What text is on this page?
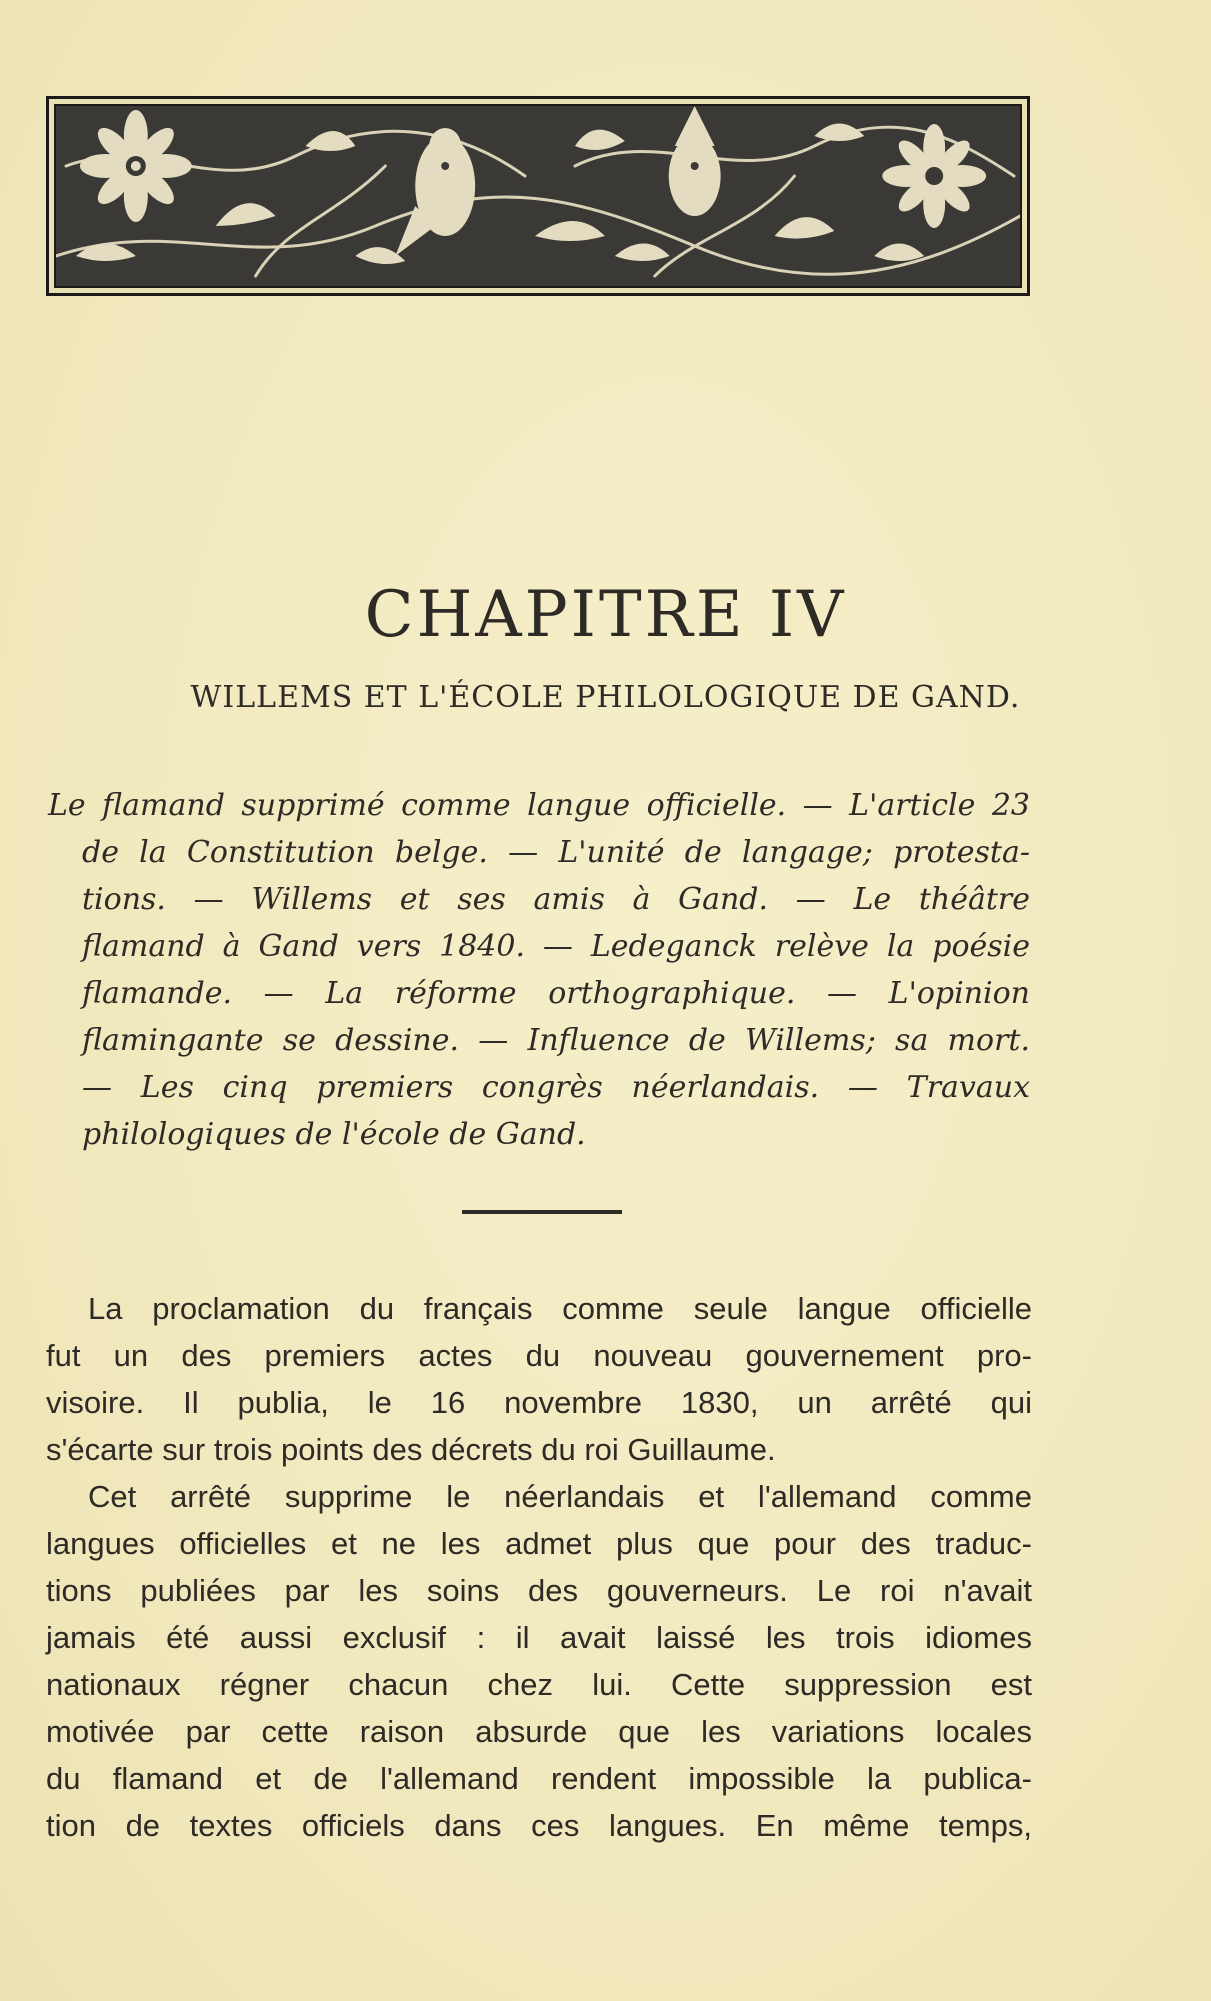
CHAPITRE IV
WILLEMS ET L'ÉCOLE PHILOLOGIQUE DE GAND.
Le flamand supprimé comme langue officielle. — L'article 23
de la Constitution belge. — L'unité de langage; protesta-
tions. — Willems et ses amis à Gand. — Le théâtre
flamand à Gand vers 1840. — Ledeganck relève la poésie
flamande. — La réforme orthographique. — L'opinion
flamingante se dessine. — Influence de Willems; sa mort.
— Les cinq premiers congrès néerlandais. — Travaux
philologiques de l'école de Gand.
La proclamation du français comme seule langue officielle
fut un des premiers actes du nouveau gouvernement pro-
visoire. Il publia, le 16 novembre 1830, un arrêté qui
s'écarte sur trois points des décrets du roi Guillaume.
Cet arrêté supprime le néerlandais et l'allemand comme
langues officielles et ne les admet plus que pour des traduc-
tions publiées par les soins des gouverneurs. Le roi n'avait
jamais été aussi exclusif : il avait laissé les trois idiomes
nationaux régner chacun chez lui. Cette suppression est
motivée par cette raison absurde que les variations locales
du flamand et de l'allemand rendent impossible la publica-
tion de textes officiels dans ces langues. En même temps,
